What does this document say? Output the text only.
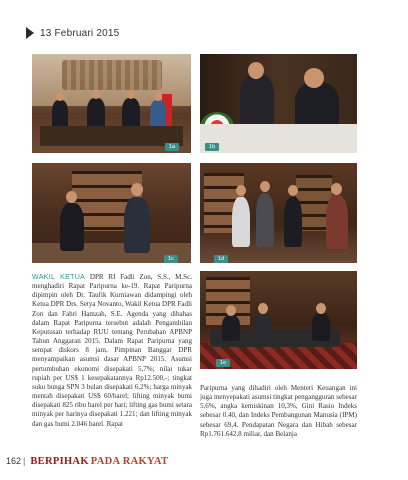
13 Februari 2015
1a	1b
1c	1d
1e
WAKIL KETUA DPR RI Fadli Zon, S.S., M.Sc. menghadiri Rapat Paripurna ke-19. Rapat Paripurna dipimpin oleh Dr. Taufik Kurniawan didampingi oleh Ketua DPR Drs. Setya Novanto, Wakil Ketua DPR Fadli Zon dan Fahri Hamzah, S.E. Agenda yang dibahas dalam Rapat Paripurna tersebut adalah Pengambilan Keputusan terhadap RUU tentang Perubahan APBNP Tahun Anggaran 2015. Dalam Rapat Paripurna yang sempat diskors 8 jam, Pimpinan Banggar DPR menyampaikan asumsi dasar APBNP 2015. Asumsi pertumbuhan ekonomi disepakati 5,7%; nilai tukar rupiah per US$ 1 kesepakatannya Rp12.500,-; tingkat suku bunga SPN 3 bulan disepakati 6,2%; harga minyak mentah disepakati US$ 60/barel; lifting minyak bumi disepakati 825 ribu barel per hari; lifting gas bumi setara minyak per harinya disepakati 1.221; dan lifting minyak dan gas bumi 2.046 barel. Rapat
Paripurna yang dihadiri oleh Menteri Keuangan ini juga menyepakati asumsi tingkat pengangguran sebesar 5,6%, angka kemiskinan 10,3%, Gini Rasio Indeks sebesar 0.40, dan Indeks Pembangunan Manusia (IPM) sebesar 69,4. Pendapatan Negara dan Hibah sebesar Rp1.761.642,8 miliar, dan Belanja
162 | BERPIHAK PADA RAKYAT
